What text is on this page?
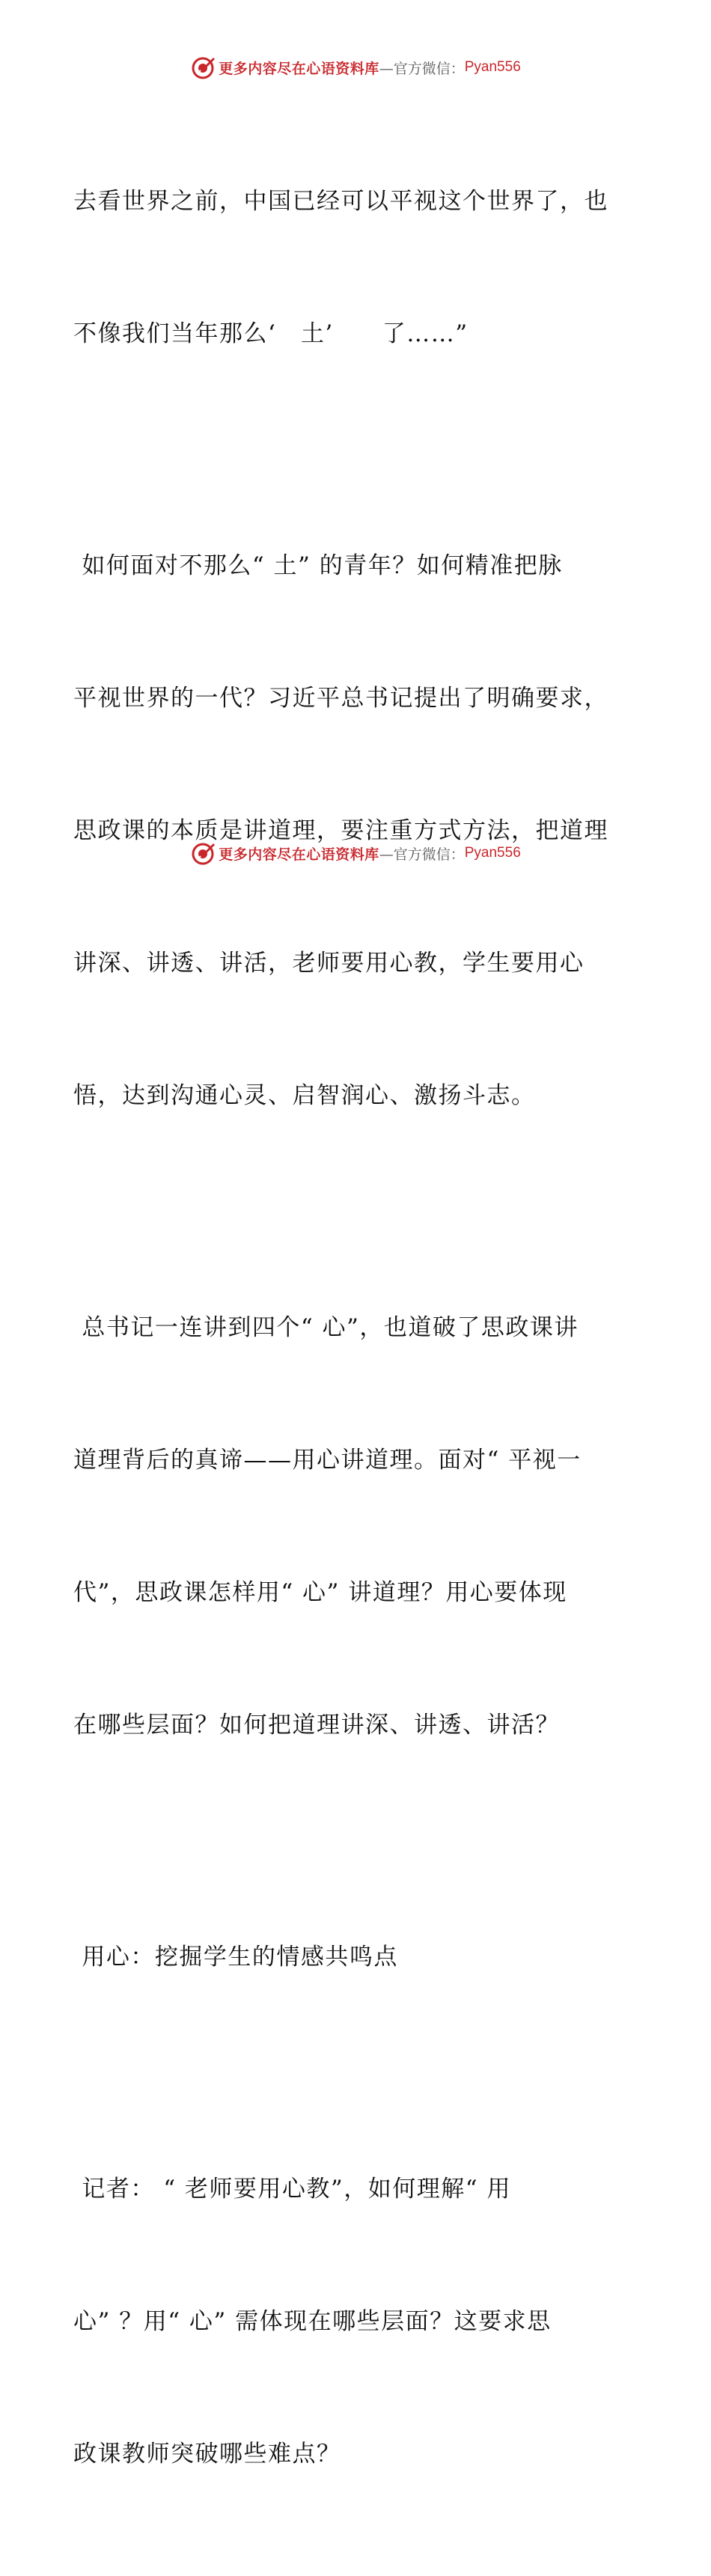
更多内容尽在心语资料库 —官方微信： Pyan556

去看世界之前，中国已经可以平视这个世界了，也

不像我们当年那么‘　土’　　了……”

如何面对不那么“ 土” 的青年？如何精准把脉

平视世界的一代？习近平总书记提出了明确要求，

思政课的本质是讲道理，要注重方式方法，把道理

讲深、讲透、讲活，老师要用心教，学生要用心

悟，达到沟通心灵、启智润心、激扬斗志。

总书记一连讲到四个“ 心”，也道破了思政课讲

道理背后的真谛——用心讲道理。面对“ 平视一

代”，思政课怎样用“ 心” 讲道理？用心要体现

在哪些层面？如何把道理讲深、讲透、讲活？

用心：挖掘学生的情感共鸣点

记者： “ 老师要用心教”，如何理解“ 用

心” ？用“ 心” 需体现在哪些层面？这要求思

政课教师突破哪些难点？

更多内容尽在心语资料库 —官方微信： Pyan556
